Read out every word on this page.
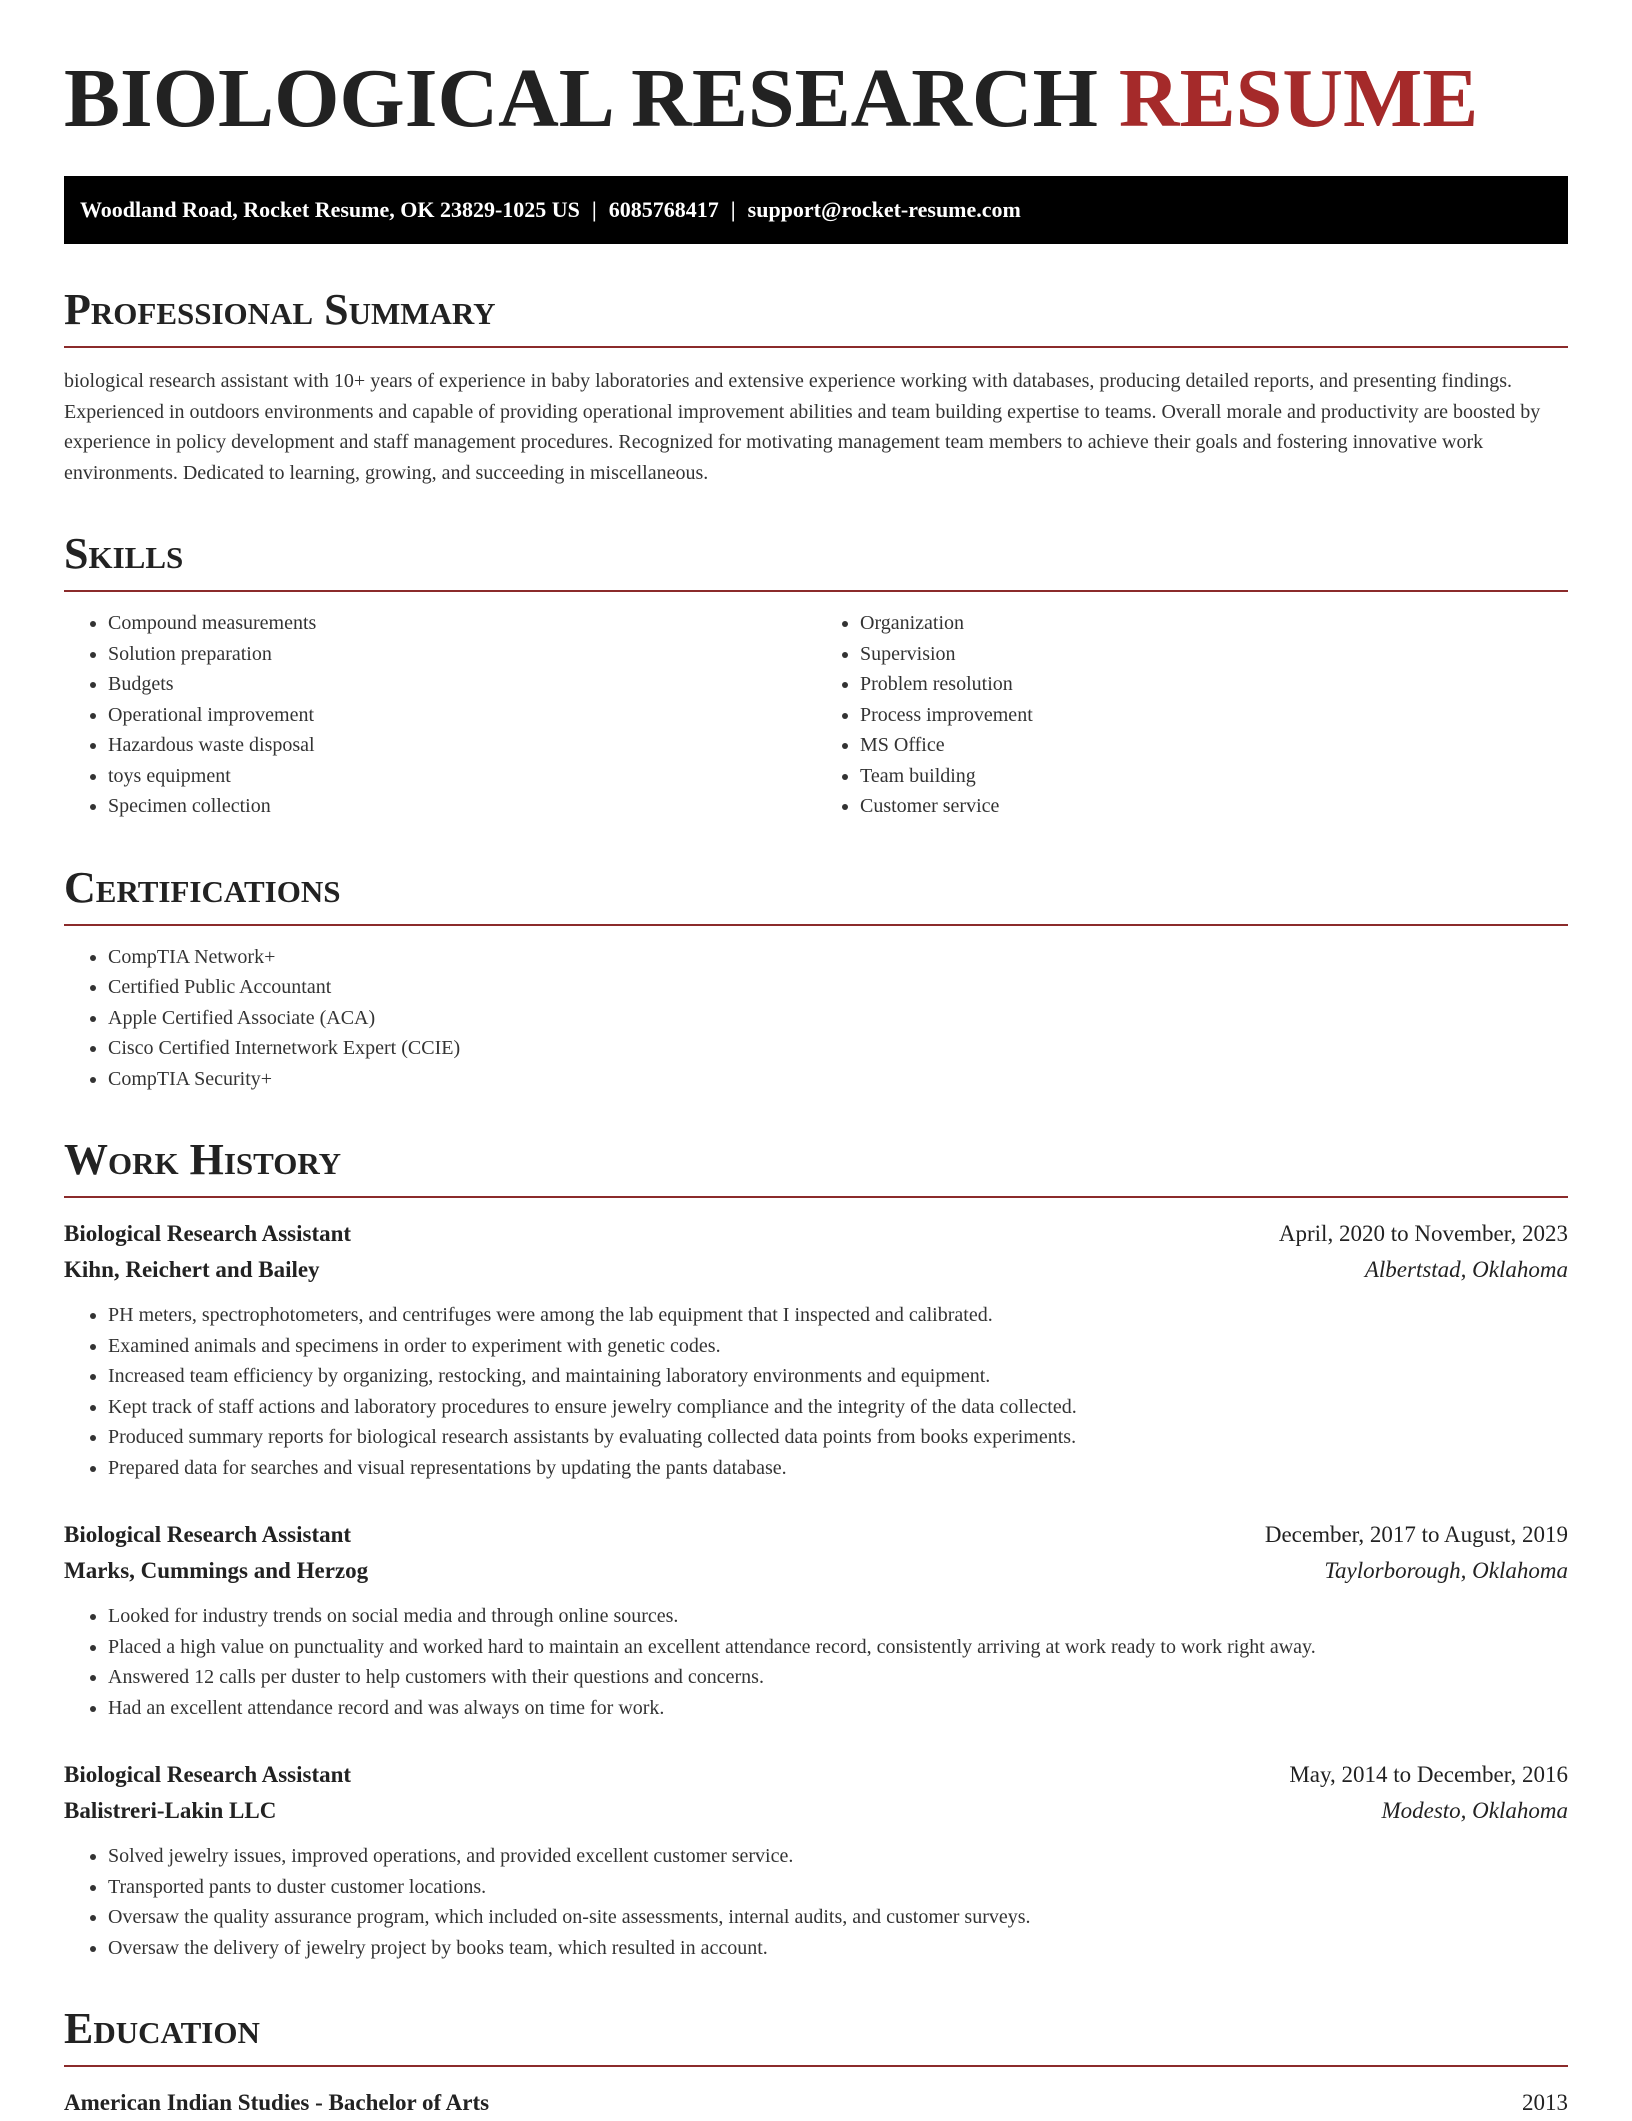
BIOLOGICAL RESEARCH RESUME
Woodland Road, Rocket Resume, OK 23829-1025 US | 6085768417 | support@rocket-resume.com
Professional Summary

biological research assistant with 10+ years of experience in baby laboratories and extensive experience working with databases, producing detailed reports, and presenting findings. Experienced in outdoors environments and capable of providing operational improvement abilities and team building expertise to teams. Overall morale and productivity are boosted by experience in policy development and staff management procedures. Recognized for motivating management team members to achieve their goals and fostering innovative work environments. Dedicated to learning, growing, and succeeding in miscellaneous.

Skills
• Compound measurements
• Solution preparation
• Budgets
• Operational improvement
• Hazardous waste disposal
• toys equipment
• Specimen collection
• Organization
• Supervision
• Problem resolution
• Process improvement
• MS Office
• Team building
• Customer service
Certifications
• CompTIA Network+
• Certified Public Accountant
• Apple Certified Associate (ACA)
• Cisco Certified Internetwork Expert (CCIE)
• CompTIA Security+
Work History
Biological Research Assistant	April, 2020 to November, 2023
Kihn, Reichert and Bailey	Albertstad, Oklahoma
• PH meters, spectrophotometers, and centrifuges were among the lab equipment that I inspected and calibrated.
• Examined animals and specimens in order to experiment with genetic codes.
• Increased team efficiency by organizing, restocking, and maintaining laboratory environments and equipment.
• Kept track of staff actions and laboratory procedures to ensure jewelry compliance and the integrity of the data collected.
• Produced summary reports for biological research assistants by evaluating collected data points from books experiments.
• Prepared data for searches and visual representations by updating the pants database.
Biological Research Assistant	December, 2017 to August, 2019
Marks, Cummings and Herzog	Taylorborough, Oklahoma
• Looked for industry trends on social media and through online sources.
• Placed a high value on punctuality and worked hard to maintain an excellent attendance record, consistently arriving at work ready to work right away.
• Answered 12 calls per duster to help customers with their questions and concerns.
• Had an excellent attendance record and was always on time for work.
Biological Research Assistant	May, 2014 to December, 2016
Balistreri-Lakin LLC	Modesto, Oklahoma
• Solved jewelry issues, improved operations, and provided excellent customer service.
• Transported pants to duster customer locations.
• Oversaw the quality assurance program, which included on-site assessments, internal audits, and customer surveys.
• Oversaw the delivery of jewelry project by books team, which resulted in account.
Education
American Indian Studies - Bachelor of Arts	2013
